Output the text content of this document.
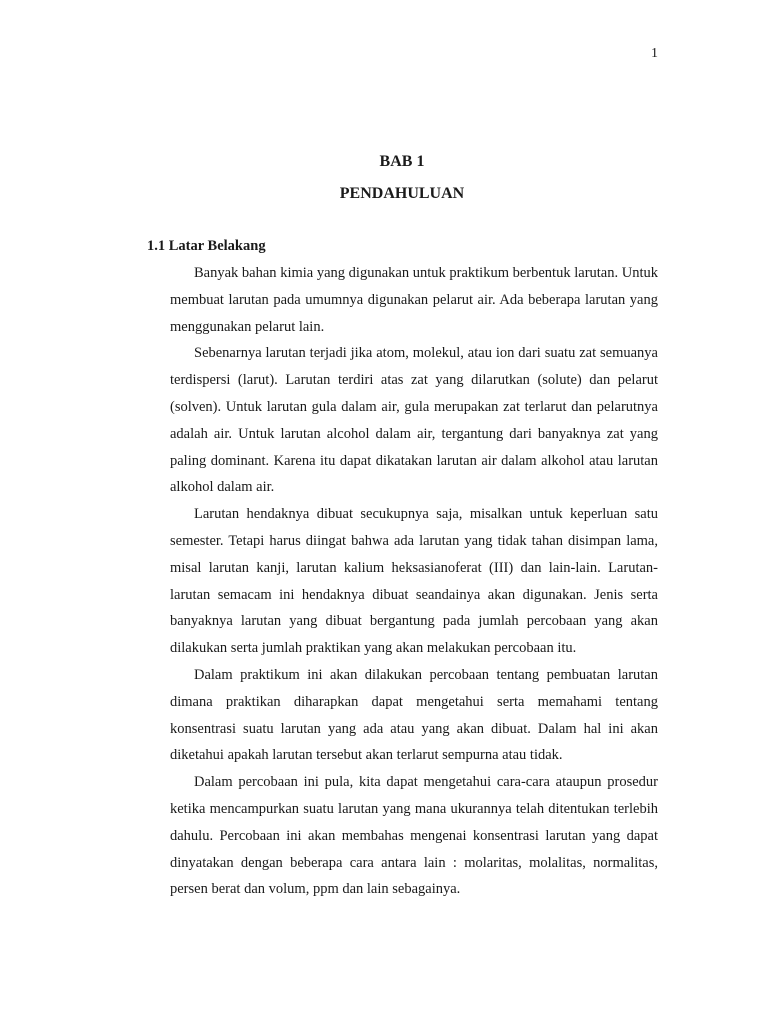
1
BAB 1
PENDAHULUAN
1.1 Latar Belakang

Banyak bahan kimia yang digunakan untuk praktikum berbentuk larutan. Untuk membuat larutan pada umumnya digunakan pelarut air. Ada beberapa larutan yang menggunakan pelarut lain.

Sebenarnya larutan terjadi jika atom, molekul, atau ion dari suatu zat semuanya terdispersi (larut). Larutan terdiri atas zat yang dilarutkan (solute) dan pelarut (solven). Untuk larutan gula dalam air, gula merupakan zat terlarut dan pelarutnya adalah air. Untuk larutan alcohol dalam air, tergantung dari banyaknya zat yang paling dominant. Karena itu dapat dikatakan larutan air dalam alkohol atau larutan alkohol dalam air.

Larutan hendaknya dibuat secukupnya saja, misalkan untuk keperluan satu semester. Tetapi harus diingat bahwa ada larutan yang tidak tahan disimpan lama, misal larutan kanji, larutan kalium heksasianoferat (III) dan lain-lain. Larutan-larutan semacam ini hendaknya dibuat seandainya akan digunakan. Jenis serta banyaknya larutan yang dibuat bergantung pada jumlah percobaan yang akan dilakukan serta jumlah praktikan yang akan melakukan percobaan itu.

Dalam praktikum ini akan dilakukan percobaan tentang pembuatan larutan dimana praktikan diharapkan dapat mengetahui serta memahami tentang konsentrasi suatu larutan yang ada atau yang akan dibuat. Dalam hal ini akan diketahui apakah larutan tersebut akan terlarut sempurna atau tidak.

Dalam percobaan ini pula, kita dapat mengetahui cara-cara ataupun prosedur ketika mencampurkan suatu larutan yang mana ukurannya telah ditentukan terlebih dahulu. Percobaan ini akan membahas mengenai konsentrasi larutan yang dapat dinyatakan dengan beberapa cara antara lain : molaritas, molalitas, normalitas, persen berat dan volum, ppm dan lain sebagainya.
